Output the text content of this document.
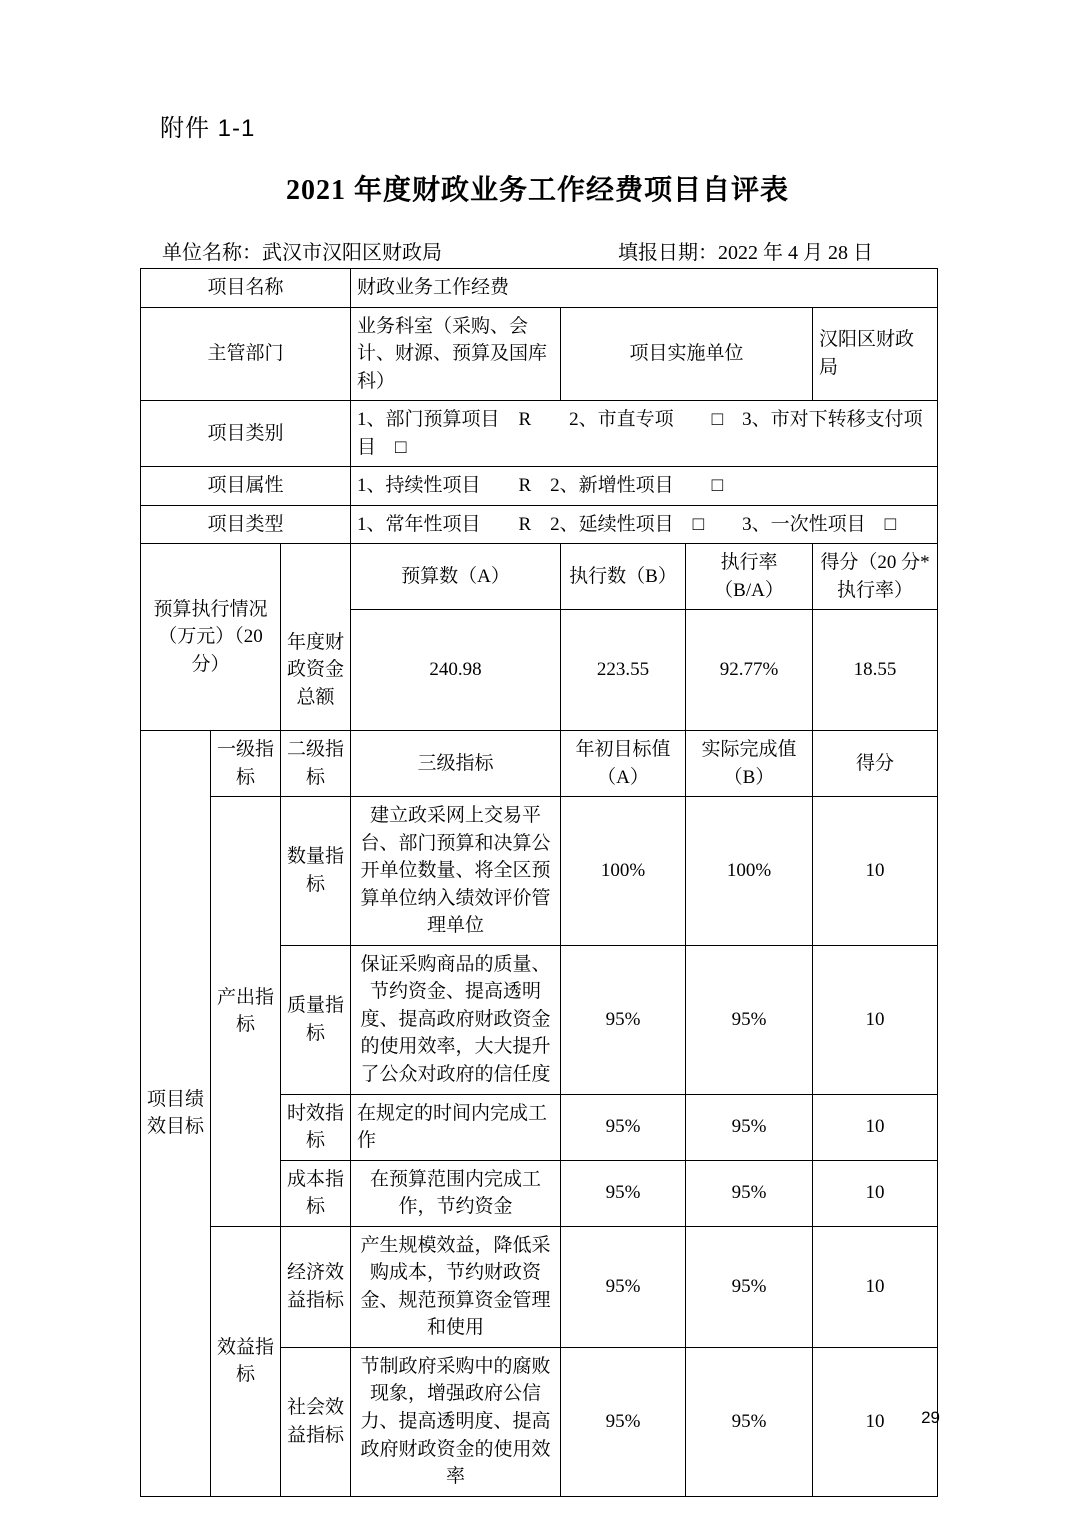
附件 1-1
2021 年度财政业务工作经费项目自评表
单位名称：武汉市汉阳区财政局	填报日期：2022 年 4 月 28 日
项目名称			财政业务工作经费			
主管部门			业务科室（采购、会计、财源、预算及国库科）	项目实施单位		汉阳区财政局
项目类别			1、部门预算项目　R　　2、市直专项　　□　3、市对下转移支付项目　□			
项目属性			1、持续性项目　　R　2、新增性项目　　□			
项目类型			1、常年性项目　　R　2、延续性项目　□　　3、一次性项目　□			
预算执行情况（万元）（20 分）			预算数（A）	执行数（B）	执行率（B/A）	得分（20 分*执行率）
		年度财政资金总额	240.98	223.55	92.77%	18.55
项目绩效目标	一级指标	二级指标	三级指标	年初目标值（A）	实际完成值（B）	得分
	产出指标	数量指标	建立政采网上交易平台、部门预算和决算公开单位数量、将全区预算单位纳入绩效评价管理单位	100%	100%	10
		质量指标	保证采购商品的质量、节约资金、提高透明度、提高政府财政资金的使用效率，大大提升了公众对政府的信任度	95%	95%	10
		时效指标	在规定的时间内完成工作	95%	95%	10
		成本指标	在预算范围内完成工作，节约资金	95%	95%	10
	效益指标	经济效益指标	产生规模效益，降低采购成本，节约财政资金、规范预算资金管理和使用	95%	95%	10
		社会效益指标	节制政府采购中的腐败现象，增强政府公信力、提高透明度、提高政府财政资金的使用效率	95%	95%	10 29
